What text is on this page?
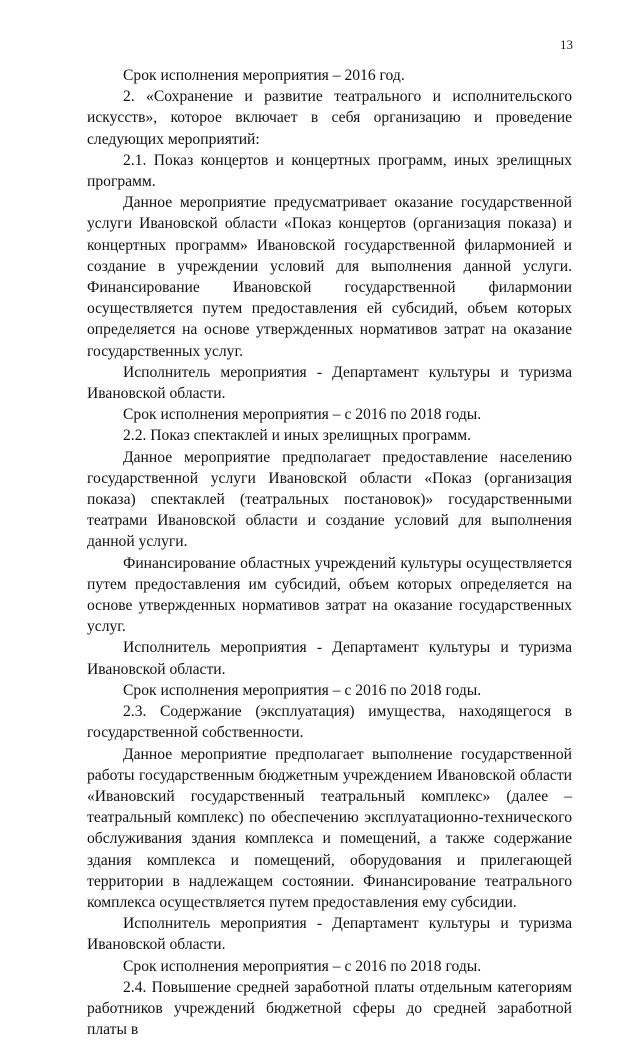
13

Срок исполнения мероприятия – 2016 год.

2. «Сохранение и развитие театрального и исполнительского искусств», которое включает в себя организацию и проведение следующих мероприятий:

2.1. Показ концертов и концертных программ, иных зрелищных программ.

Данное мероприятие предусматривает оказание государственной услуги Ивановской области «Показ концертов (организация показа) и концертных программ» Ивановской государственной филармонией и создание в учреждении условий для выполнения данной услуги. Финансирование Ивановской государственной филармонии осуществляется путем предоставления ей субсидий, объем которых определяется на основе утвержденных нормативов затрат на оказание государственных услуг.

Исполнитель мероприятия - Департамент культуры и туризма Ивановской области.

Срок исполнения мероприятия – с 2016 по 2018 годы.

2.2. Показ спектаклей и иных зрелищных программ.

Данное мероприятие предполагает предоставление населению государственной услуги Ивановской области «Показ (организация показа) спектаклей (театральных постановок)» государственными театрами Ивановской области и создание условий для выполнения данной услуги.

Финансирование областных учреждений культуры осуществляется путем предоставления им субсидий, объем которых определяется на основе утвержденных нормативов затрат на оказание государственных услуг.

Исполнитель мероприятия - Департамент культуры и туризма Ивановской области.

Срок исполнения мероприятия – с 2016 по 2018 годы.

2.3. Содержание (эксплуатация) имущества, находящегося в государственной собственности.

Данное мероприятие предполагает выполнение государственной работы государственным бюджетным учреждением Ивановской области «Ивановский государственный театральный комплекс» (далее – театральный комплекс) по обеспечению эксплуатационно-технического обслуживания здания комплекса и помещений, а также содержание здания комплекса и помещений, оборудования и прилегающей территории в надлежащем состоянии. Финансирование театрального комплекса осуществляется путем предоставления ему субсидии.

Исполнитель мероприятия - Департамент культуры и туризма Ивановской области.

Срок исполнения мероприятия – с 2016 по 2018 годы.

2.4. Повышение средней заработной платы отдельным категориям работников учреждений бюджетной сферы до средней заработной платы в
